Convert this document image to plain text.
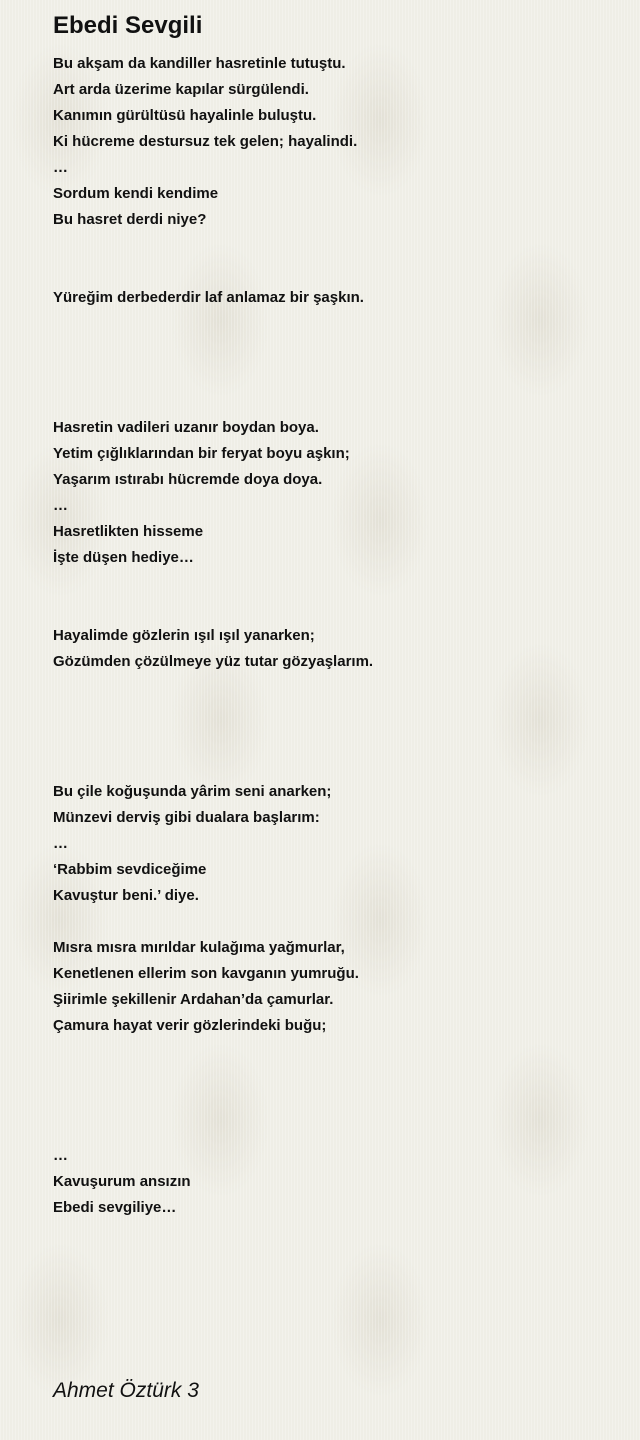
Ebedi Sevgili
Bu akşam da kandiller hasretinle tutuştu.
Art arda üzerime kapılar sürgülendi.
Kanımın gürültüsü hayalinle buluştu.
Ki hücreme destursuz tek gelen; hayalindi.
…
Sordum kendi kendime
Bu hasret derdi niye?
Yüreğim derbederdir laf anlamaz bir şaşkın.
Hasretin vadileri uzanır boydan boya.
Yetim çığlıklarından bir feryat boyu aşkın;
Yaşarım ıstırabı hücremde doya doya.
…
Hasretlikten hisseme
İşte düşen hediye…
Hayalimde gözlerin ışıl ışıl yanarken;
Gözümden çözülmeye yüz tutar gözyaşlarım.
Bu çile koğuşunda yârim seni anarken;
Münzevi derviş gibi dualara başlarım:
…
‘Rabbim sevdiceğime
Kavuştur beni.’ diye.
Mısra mısra mırıldar kulağıma yağmurlar,
Kenetlenen ellerim son kavganın yumruğu.
Şiirimle şekillenir Ardahan’da çamurlar.
Çamura hayat verir gözlerindeki buğu;
…
Kavuşurum ansızın
Ebedi sevgiliye…
Ahmet Öztürk 3
